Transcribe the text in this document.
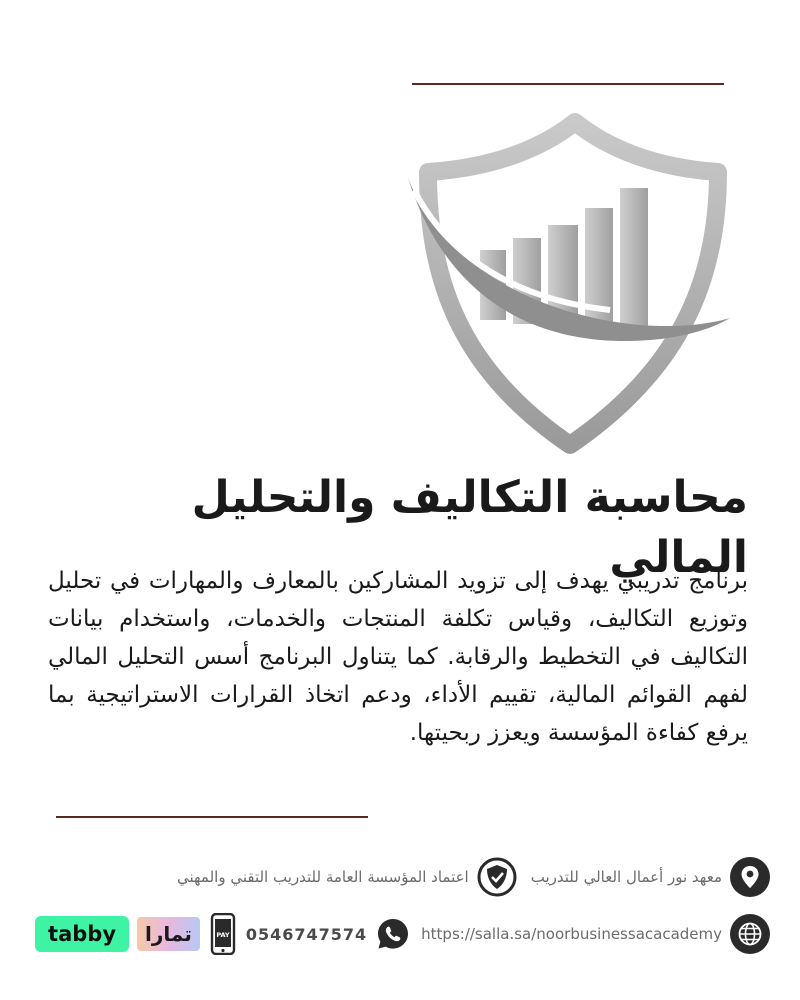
محاسبة التكاليف والتحليل المالي

برنامج تدريبي يهدف إلى تزويد المشاركين بالمعارف والمهارات في تحليل وتوزيع التكاليف، وقياس تكلفة المنتجات والخدمات، واستخدام بيانات التكاليف في التخطيط والرقابة. كما يتناول البرنامج أسس التحليل المالي لفهم القوائم المالية، تقييم الأداء، ودعم اتخاذ القرارات الاستراتيجية بما يرفع كفاءة المؤسسة ويعزز ربحيتها.

معهد نور أعمال العالي للتدريب
اعتماد المؤسسة العامة للتدريب التقني والمهني
https://salla.sa/noorbusinessacacademy
0546747574
PAY
تمارا
tabby
